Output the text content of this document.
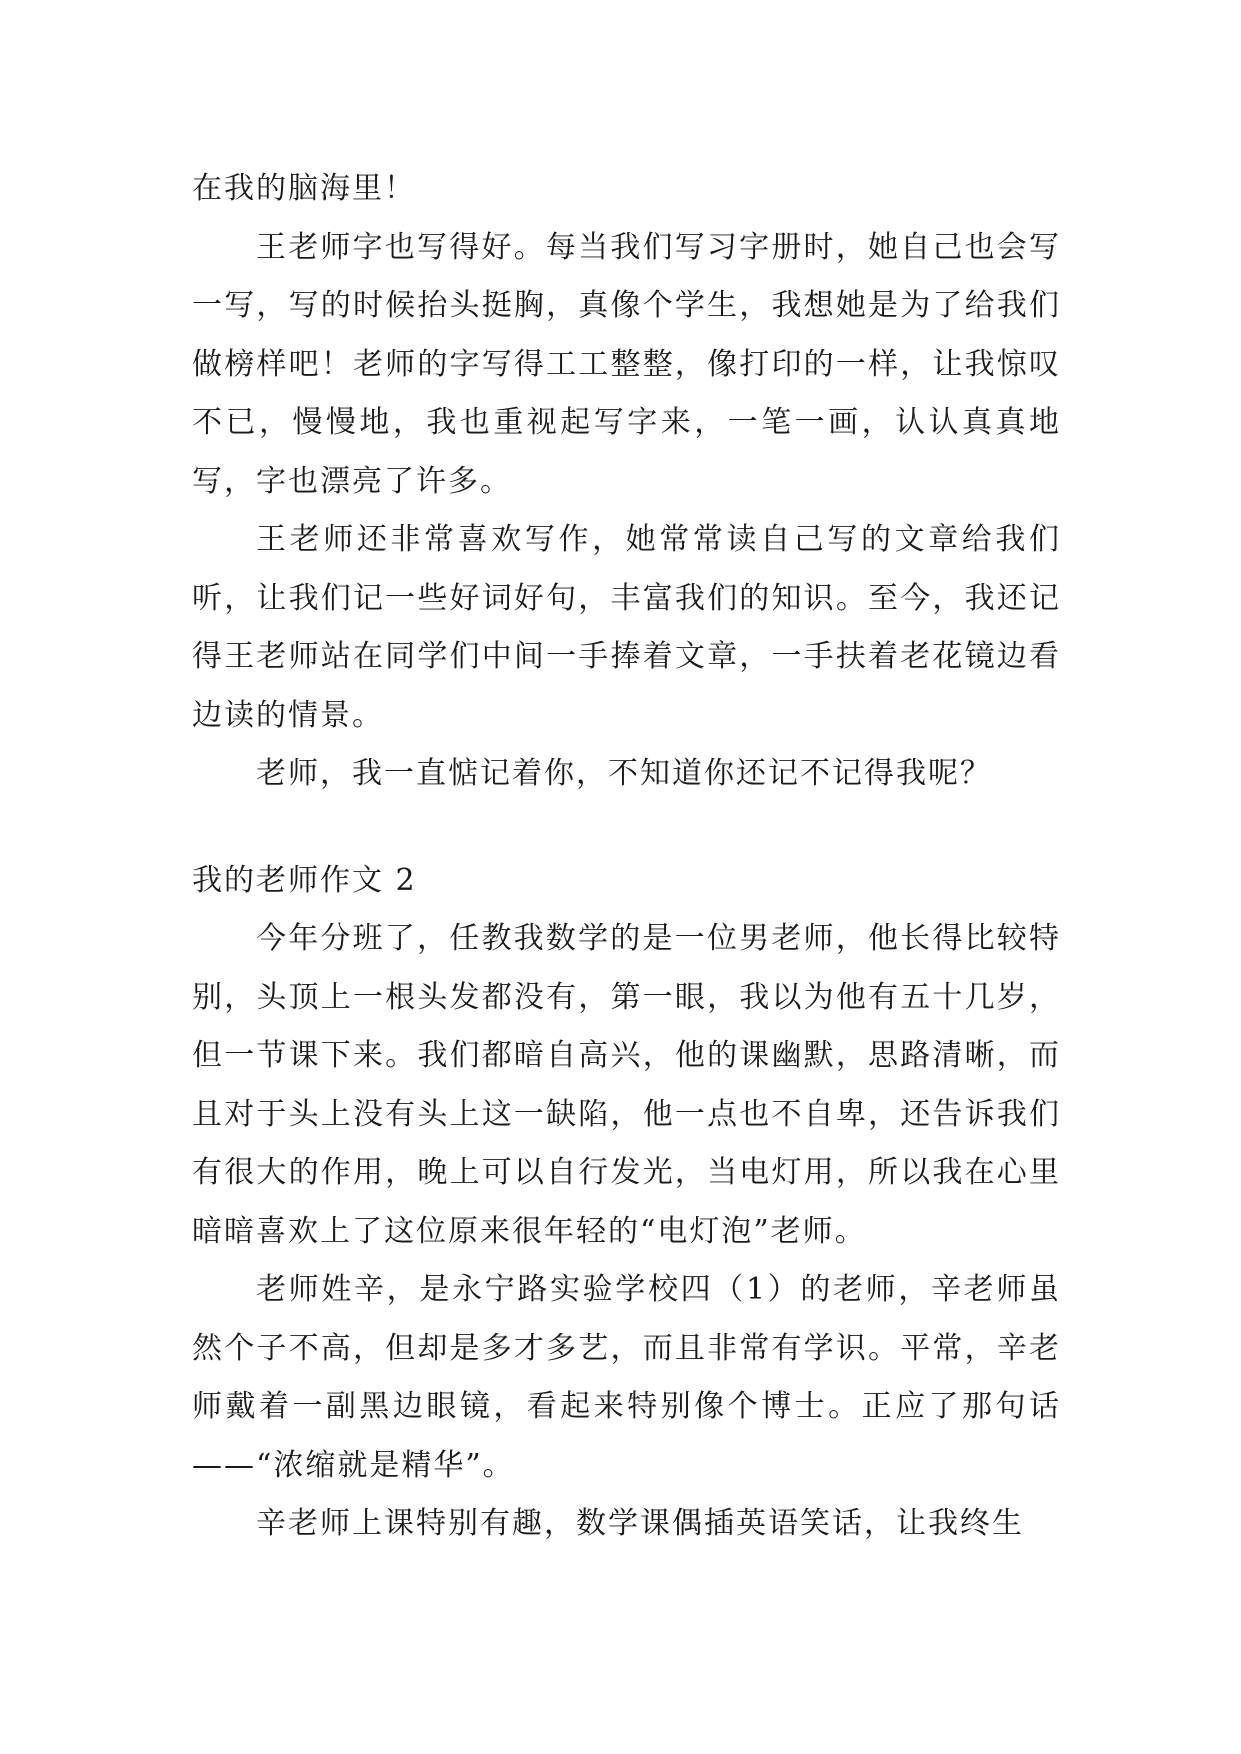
在我的脑海里！

王老师字也写得好。每当我们写习字册时，她自己也会写一写，写的时候抬头挺胸，真像个学生，我想她是为了给我们做榜样吧！老师的字写得工工整整，像打印的一样，让我惊叹不已，慢慢地，我也重视起写字来，一笔一画，认认真真地写，字也漂亮了许多。

王老师还非常喜欢写作，她常常读自己写的文章给我们听，让我们记一些好词好句，丰富我们的知识。至今，我还记得王老师站在同学们中间一手捧着文章，一手扶着老花镜边看边读的情景。

老师，我一直惦记着你，不知道你还记不记得我呢？

我的老师作文 2

今年分班了，任教我数学的是一位男老师，他长得比较特别，头顶上一根头发都没有，第一眼，我以为他有五十几岁，但一节课下来。我们都暗自高兴，他的课幽默，思路清晰，而且对于头上没有头上这一缺陷，他一点也不自卑，还告诉我们有很大的作用，晚上可以自行发光，当电灯用，所以我在心里暗暗喜欢上了这位原来很年轻的“电灯泡”老师。

老师姓辛，是永宁路实验学校四（1）的老师，辛老师虽然个子不高，但却是多才多艺，而且非常有学识。平常，辛老师戴着一副黑边眼镜，看起来特别像个博士。正应了那句话——“浓缩就是精华”。

辛老师上课特别有趣，数学课偶插英语笑话，让我终生
